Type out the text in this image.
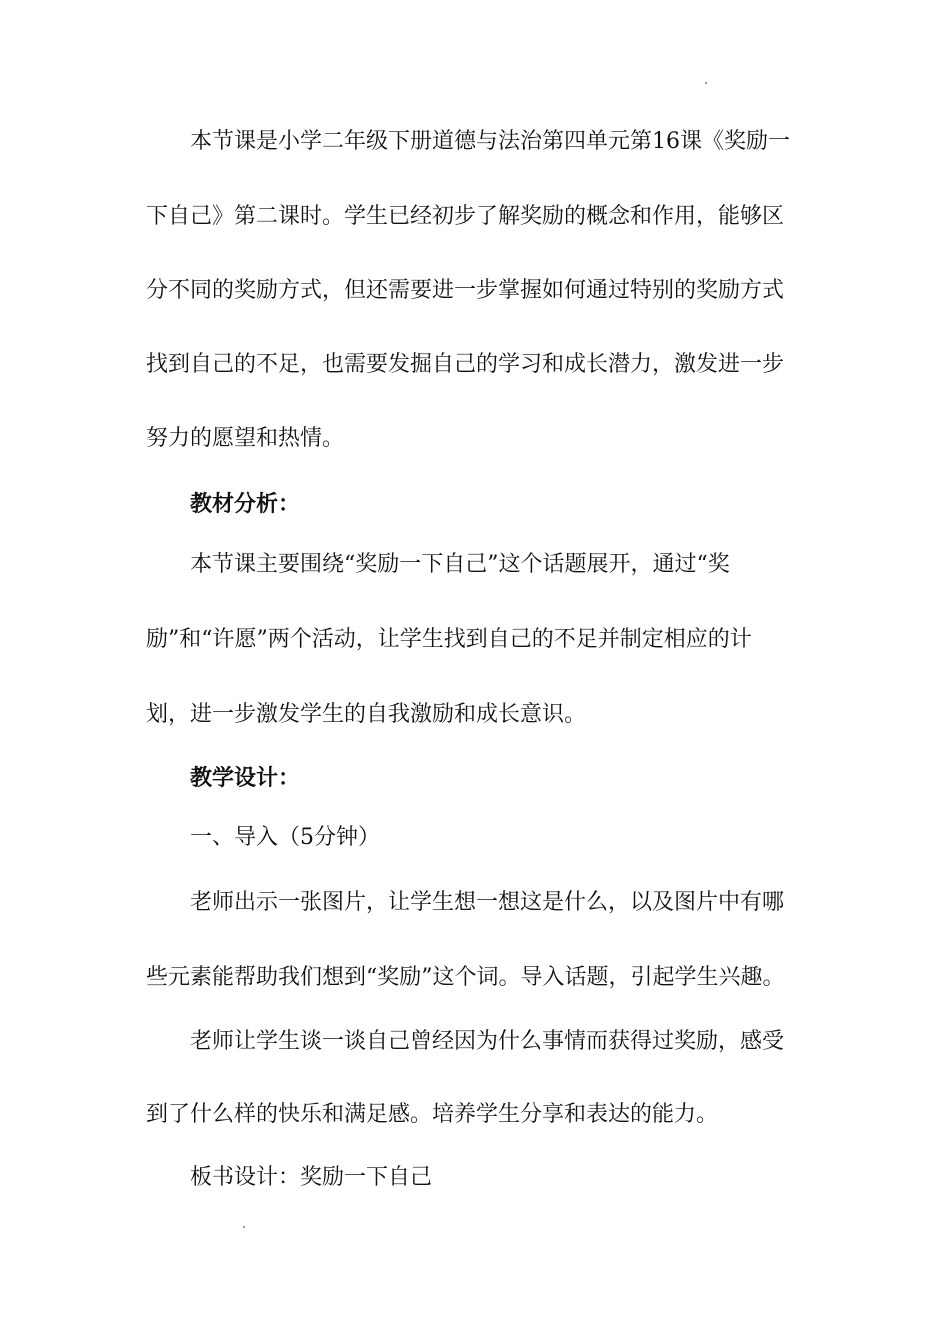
本节课是小学二年级下册道德与法治第四单元第16课《奖励一
下自己》第二课时。学生已经初步了解奖励的概念和作用，能够区
分不同的奖励方式，但还需要进一步掌握如何通过特别的奖励方式
找到自己的不足，也需要发掘自己的学习和成长潜力，激发进一步
努力的愿望和热情。
教材分析：
本节课主要围绕“奖励一下自己”这个话题展开，通过“奖
励”和“许愿”两个活动，让学生找到自己的不足并制定相应的计
划，进一步激发学生的自我激励和成长意识。
教学设计：
一、导入（5分钟）
老师出示一张图片，让学生想一想这是什么，以及图片中有哪
些元素能帮助我们想到“奖励”这个词。导入话题，引起学生兴趣。
老师让学生谈一谈自己曾经因为什么事情而获得过奖励，感受
到了什么样的快乐和满足感。培养学生分享和表达的能力。
板书设计：奖励一下自己
